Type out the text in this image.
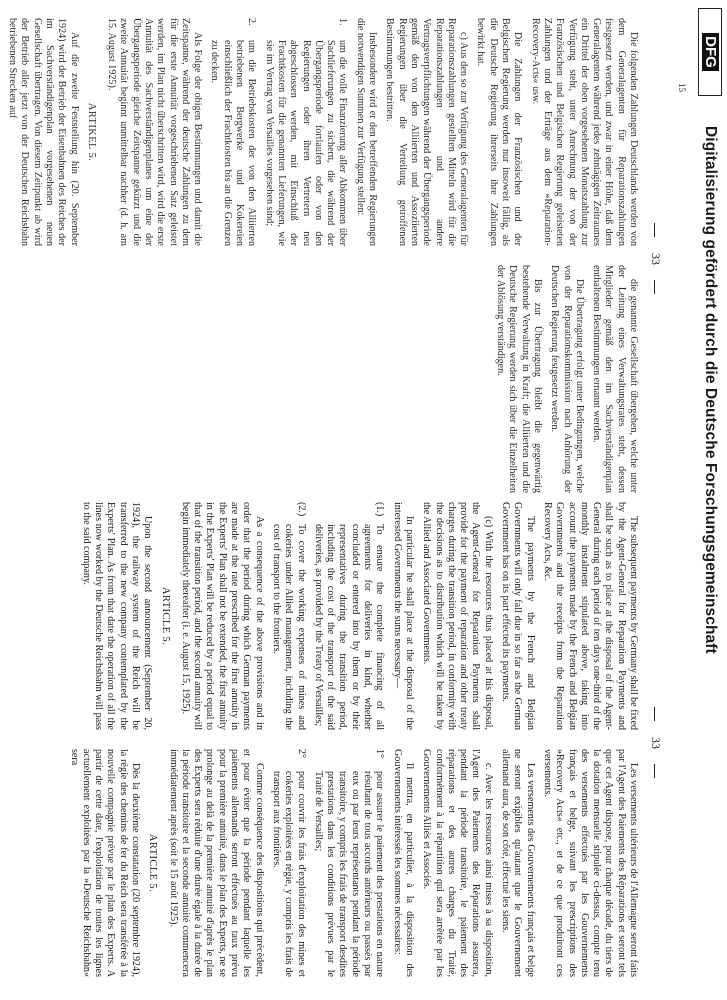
DFG
Digitalisierung gefördert durch die Deutsche Forschungsgemeinschaft
15
33

Die folgenden Zahlungen Deutschlands werden von dem Generalagenten für Reparationszahlungen festgesetzt werden, und zwar in einer Höhe, daß dem Generalagenten während jedes zehntägigen Zeitraumes ein Drittel der oben vorgesehenen Monatszahlung zur Verfügung steht, unter Anrechnung der von der Französischen und Belgischen Regierung geleisteten Zahlungen und der Erträge aus dem »Reparation-Recovery-Acts« usw.

Die Zahlungen der Französischen und der Belgischen Regierung werden nur insoweit fällig, als die Deutsche Regierung ihrerseits ihre Zahlungen bewirkt hat.

c) Aus den so zur Verfügung des Generalagenten für Reparationszahlungen gestellten Mitteln wird für die Reparationszahlungen und andere Vertragsverpflichtungen während der Übergangsperiode gemäß den von den Alliierten und Assoziierten Regierungen über die Verteilung getroffenen Bestimmungen bestritten.

Insbesondere wird er den betreffenden Regierungen die notwendigen Summen zur Verfügung stellen:

1.
um die volle Finanzierung aller Abkommen über Sachlieferungen zu sichern, die während der Übergangsperiode fortlaufen oder von den Regierungen oder ihren Vertretern neu abgeschlossen werden, mit Einschluß der Frachtkosten für die genannten Lieferungen, wie sie im Vertrag von Versailles vorgesehen sind;
2.
um die Betriebskosten der von den Alliierten betriebenen Bergwerke und Kokereien einschließlich der Frachtkosten bis an die Grenzen zu decken.

Als Folge der obigen Bestimmungen und damit die Zeitspanne, während der deutsche Zahlungen zu dem für die erste Annuität vorgeschriebenen Satz geleistet werden, im Plan nicht überschritten wird, wird die erste Annuität des Sachverständigenplanes um eine der Übergangsperiode gleiche Zeitspanne gekürzt und die zweite Annuität beginnt unmittelbar nachher (d. h. am 15. August 1925).

ARTIKEL 5.

Auf die zweite Feststellung hin (20. September 1924) wird der Betrieb der Eisenbahnen des Reiches der im Sachverständigenplan vorgesehenen neuen Gesellschaft übertragen. Von diesem Zeitpunkt ab wird der Betrieb aller jetzt von der Deutschen Reichsbahn betriebenen Strecken auf

die genannte Gesellschaft übergehen, welche unter der Leitung eines Verwaltungsrates steht, dessen Mitglieder gemäß den im Sachverständigenplan enthaltenen Bestimmungen ernannt werden.

Die Übertragung erfolgt unter Bedingungen, welche von der Reparationskommission nach Anhörung der Deutschen Regierung festgesetzt werden.

Bis zur Übertragung bleibt die gegenwärtig bestehende Verwaltung in Kraft; die Alliierten und die Deutsche Regierung werden sich über die Einzelheiten der Ablösung verständigen.

33

The subsequent payments by Germany shall be fixed by the Agent-General for Reparation Payments and shall be such as to place at the disposal of the Agent-General during each period of ten days one-third of the monthly instalment stipulated above, taking into account the payments made by the French and Belgian Governments and the receipts from the Reparation Recovery Acts, &c.

The payments by the French and Belgian Governments will only fall due in so far as the German Government has on its part effected its payments.

(c) With the resources thus placed at his disposal, the Agent-General for Reparation Payments shall provide for the payment of reparation and other treaty charges during the transition period, in conformity with the decisions as to distribution which will be taken by the Allied and Associated Governments.

In particular he shall place at the disposal of the interested Governments the sums necessary—

(1.)
To ensure the complete financing of all agreements for deliveries in kind, whether concluded or entered into by them or by their representatives during the transition period, including the cost of the transport of the said deliveries, as provided by the Treaty of Versailles;
(2.)
To cover the working expenses of mines and cokeries under Allied management, including the cost of transport to the frontiers.

As a consequence of the above provisions and in order that the period during which German payments are made at the rate prescribed for the first annuity in the Experts' Plan shall not be extended, the first annuity in the Experts' Plan will be reduced by a period equal to that of the transition period, and the second annuity will begin immediately thereafter (i. e. August 15, 1925).

ARTICLE 5.

Upon the second announcement (September 20, 1924), the railway system of the Reich will be transferred to the new company contemplated by the Experts' Plan. As from that date the operation of all the lines now worked by the Deutsche Reichsbahn will pass to the said company.

Les versements ultérieurs de l'Allemagne seront faits par l'Agent des Paiements des Réparations et seront tels que cet Agent dispose, pour chaque décade, du tiers de la dotation mensuelle stipulée ci-dessus, compte tenu des versements effectués par les Gouvernements français et belge, suivant les prescriptions des »Recovery Acts« etc., et de ce que produiront ces versements.

Les versements des Gouvernements français et belge ne seront exigibles qu'autant que le Gouvernement allemand aura, de son côté, effectué les siens.

c. Avec les ressources ainsi mises à sa disposition, l'Agent des Paiements des Réparations assurera, pendant la période transitoire, le paiement des réparations et des autres charges du Traité, conformément à la répartition qui sera arrêtée par les Gouvernements Alliés et Associés.

Il mettra, en particulier, à la disposition des Gouvernements intéressés les sommes nécessaires:

1°
pour assurer le paiement des prestations en nature résultant de tous accords antérieurs ou passés par eux ou par leurs représentants pendant la période transitoire, y compris les frais de transport desdites prestations dans les conditions prévues par le Traité de Versailles;
2°
pour couvrir les frais d'exploitation des mines et cokeries exploitées en régie, y compris les frais de transport aux frontières.

Comme conséquence des dispositions qui précèdent, et pour éviter que la période pendant laquelle les paiements allemands seront effectués au taux prévu pour la première annuité, dans le plan des Experts, ne se prolonge au delà de la première annuité d'après le plan des Experts sera réduite d'une durée égale à la durée de la période transitoire et la seconde annuité commencera immédiatement après (soit le 15 août 1925).

ARTICLE 5.

Dès la deuxième constatation (20 septembre 1924), la régie des chemins de fer du Reich sera transférée à la nouvelle compagnie prévue par le plan des Experts. A partir de cette date, l'exploitation de toutes les lignes actuellement exploitées par la »Deutsche Reichsbahn« sera
